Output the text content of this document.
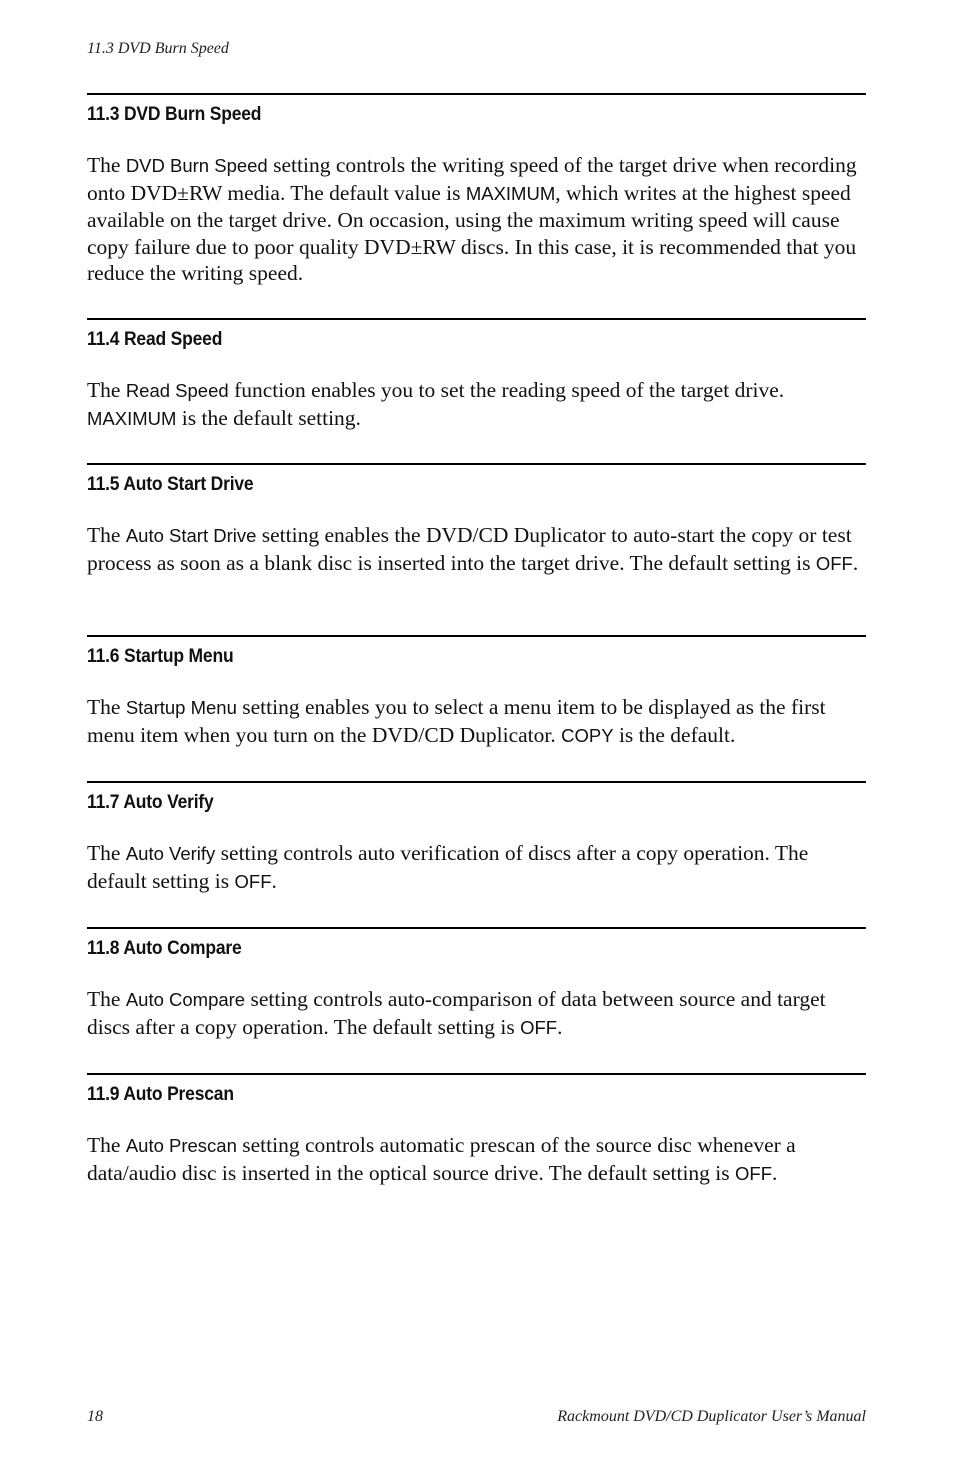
11.3 DVD Burn Speed
11.3 DVD Burn Speed

The DVD Burn Speed setting controls the writing speed of the target drive when recording onto DVD±RW media. The default value is MAXIMUM, which writes at the highest speed available on the target drive. On occasion, using the maximum writing speed will cause copy failure due to poor quality DVD±RW discs. In this case, it is recommended that you reduce the writing speed.

11.4 Read Speed

The Read Speed function enables you to set the reading speed of the target drive. MAXIMUM is the default setting.

11.5 Auto Start Drive

The Auto Start Drive setting enables the DVD/CD Duplicator to auto-start the copy or test process as soon as a blank disc is inserted into the target drive. The default setting is OFF.

11.6 Startup Menu

The Startup Menu setting enables you to select a menu item to be displayed as the first menu item when you turn on the DVD/CD Duplicator. COPY is the default.

11.7 Auto Verify

The Auto Verify setting controls auto verification of discs after a copy operation. The default setting is OFF.

11.8 Auto Compare

The Auto Compare setting controls auto-comparison of data between source and target discs after a copy operation. The default setting is OFF.

11.9 Auto Prescan

The Auto Prescan setting controls automatic prescan of the source disc whenever a data/audio disc is inserted in the optical source drive. The default setting is OFF.

18	Rackmount DVD/CD Duplicator User’s Manual
